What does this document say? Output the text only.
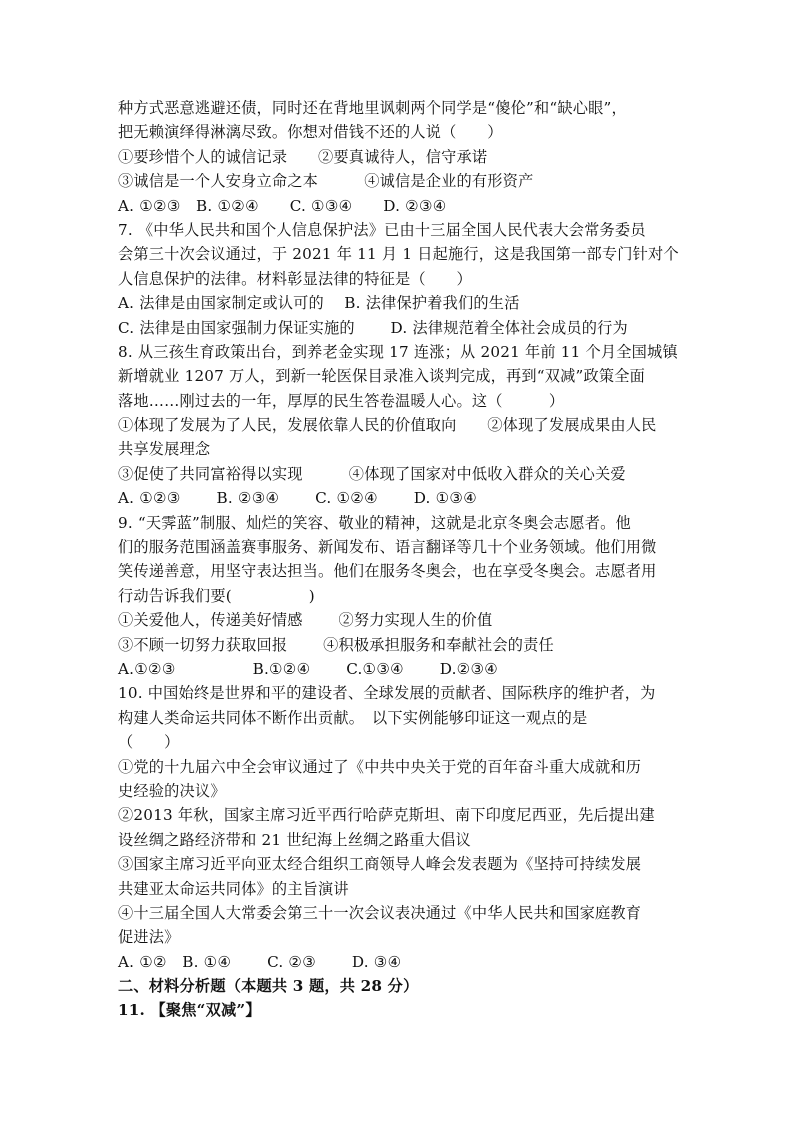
种方式恶意逃避还债，同时还在背地里讽刺两个同学是“傻伦”和“缺心眼”，
把无赖演绎得淋漓尽致。你想对借钱不还的人说（　　）
①要珍惜个人的诚信记录　　②要真诚待人，信守承诺
③诚信是一个人安身立命之本　　　④诚信是企业的有形资产
A. ①②③　B. ①②④　　C. ①③④　　D. ②③④
7. 《中华人民共和国个人信息保护法》已由十三届全国人民代表大会常务委员
会第三十次会议通过，于 2021 年 11 月 1 日起施行，这是我国第一部专门针对个
人信息保护的法律。材料彰显法律的特征是（　　）
A. 法律是由国家制定或认可的　 B. 法律保护着我们的生活
C. 法律是由国家强制力保证实施的　　 D. 法律规范着全体社会成员的行为
8. 从三孩生育政策出台，到养老金实现 17 连涨；从 2021 年前 11 个月全国城镇
新增就业 1207 万人，到新一轮医保目录准入谈判完成，再到“双减”政策全面
落地……刚过去的一年，厚厚的民生答卷温暖人心。这（　　　）
①体现了发展为了人民，发展依靠人民的价值取向　　②体现了发展成果由人民
共享发展理念
③促使了共同富裕得以实现　　　④体现了国家对中低收入群众的关心关爱
A. ①②③　　 B. ②③④　　 C. ①②④　　 D. ①③④
9. “天霁蓝”制服、灿烂的笑容、敬业的精神，这就是北京冬奥会志愿者。他
们的服务范围涵盖赛事服务、新闻发布、语言翻译等几十个业务领域。他们用微
笑传递善意，用坚守表达担当。他们在服务冬奥会，也在享受冬奥会。志愿者用
行动告诉我们要(　　　　　)
①关爱他人，传递美好情感　　 ②努力实现人生的价值
③不顾一切努力获取回报　　 ④积极承担服务和奉献社会的责任
A.①②③　　　　　B.①②④　　 C.①③④　　 D.②③④
10. 中国始终是世界和平的建设者、全球发展的贡献者、国际秩序的维护者，为
构建人类命运共同体不断作出贡献。　以下实例能够印证这一观点的是
（　　）
①党的十九届六中全会审议通过了《中共中央关于党的百年奋斗重大成就和历
史经验的决议》
②2013 年秋，国家主席习近平西行哈萨克斯坦、南下印度尼西亚，先后提出建
设丝绸之路经济带和 21 世纪海上丝绸之路重大倡议
③国家主席习近平向亚太经合组织工商领导人峰会发表题为《坚持可持续发展
共建亚太命运共同体》的主旨演讲
④十三届全国人大常委会第三十一次会议表决通过《中华人民共和国家庭教育
促进法》
A. ①②　B. ①④　　 C. ②③　　 D. ③④
二、材料分析题（本题共 3 题，共 28 分）
11. 【聚焦“双减”】
